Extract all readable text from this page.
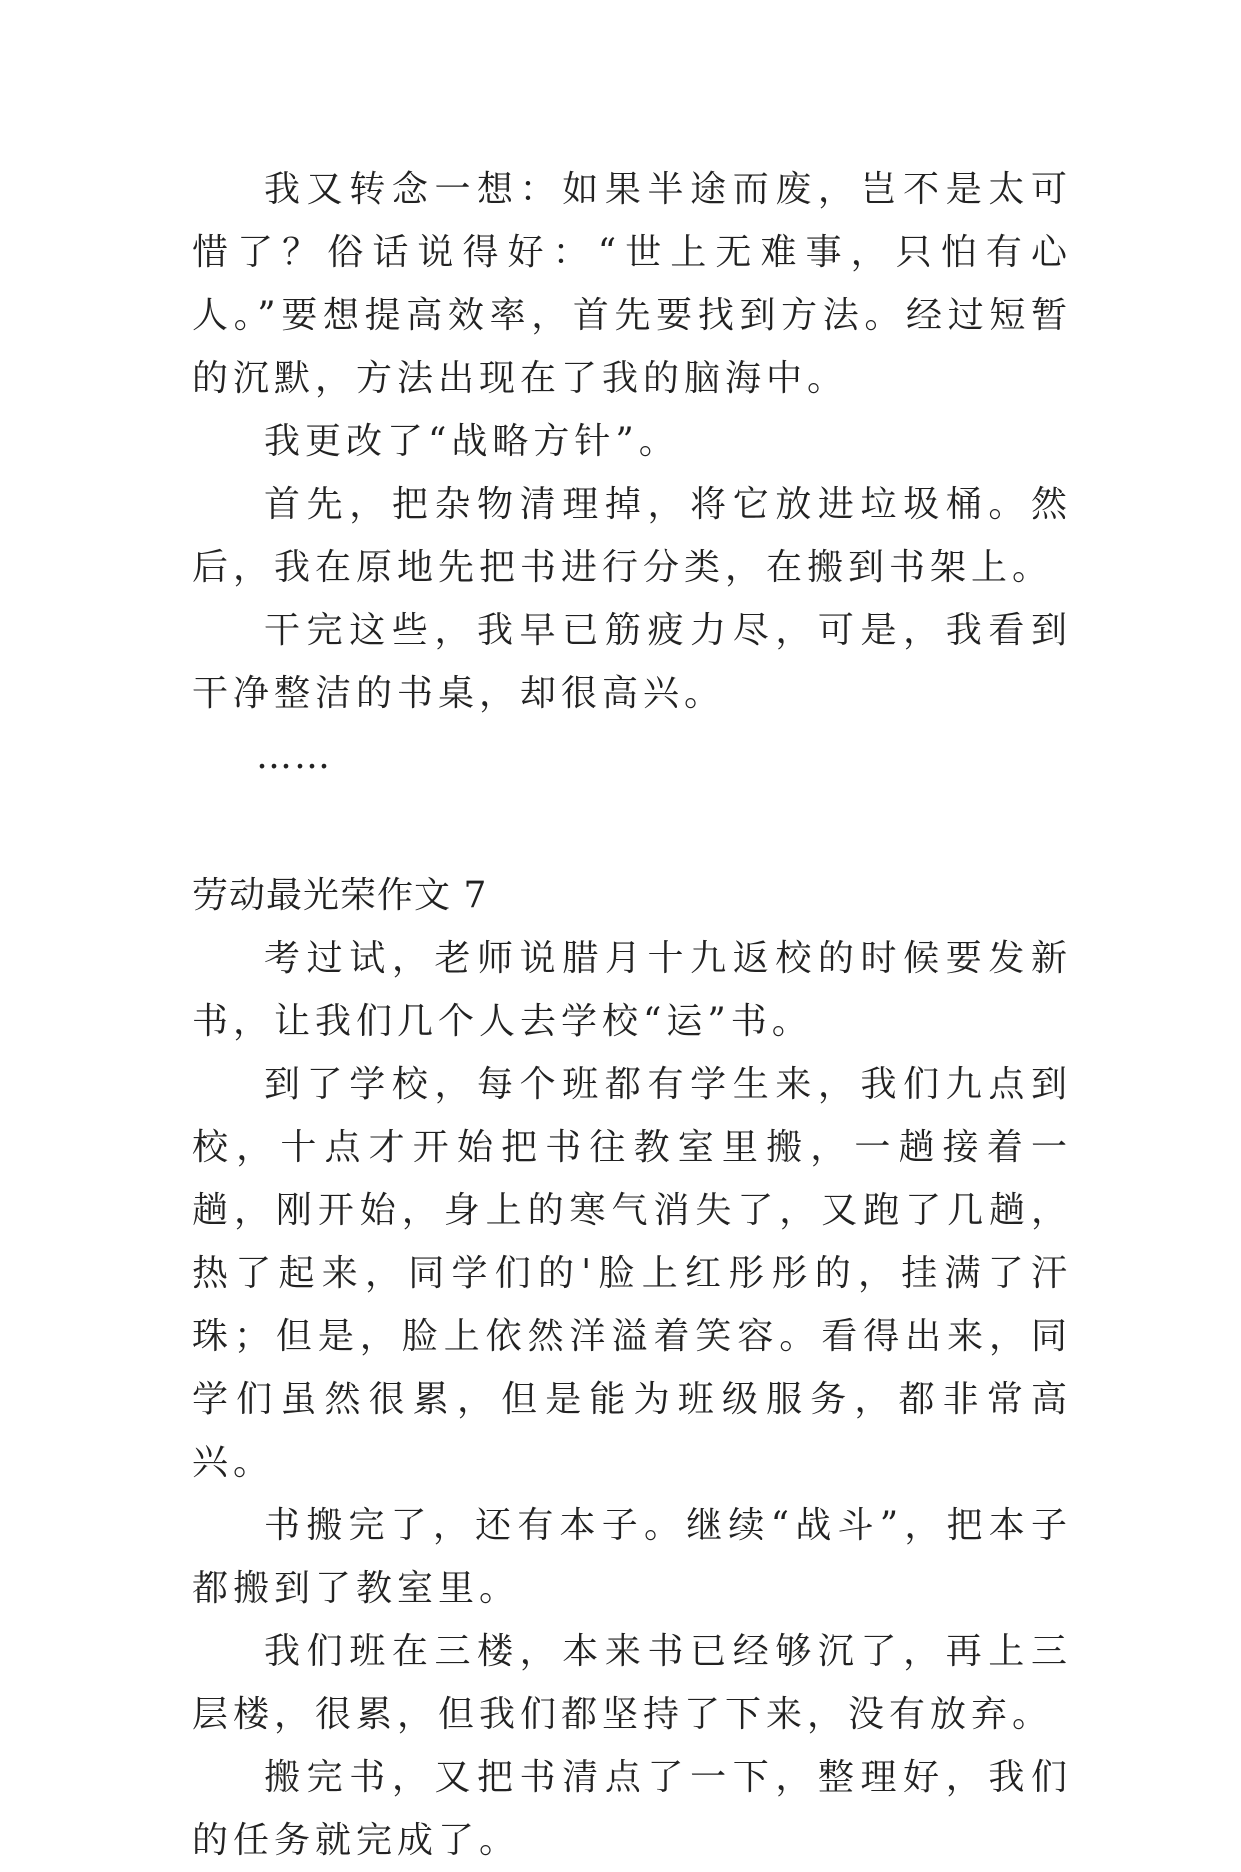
我又转念一想：如果半途而废，岂不是太可惜了？俗话说得好：“世上无难事，只怕有心人。”要想提高效率，首先要找到方法。经过短暂的沉默，方法出现在了我的脑海中。

我更改了“战略方针”。

首先，把杂物清理掉，将它放进垃圾桶。然后，我在原地先把书进行分类，在搬到书架上。

干完这些，我早已筋疲力尽，可是，我看到干净整洁的书桌，却很高兴。

……

劳动最光荣作文 7

考过试，老师说腊月十九返校的时候要发新书，让我们几个人去学校“运”书。

到了学校，每个班都有学生来，我们九点到校，十点才开始把书往教室里搬，一趟接着一趟，刚开始，身上的寒气消失了，又跑了几趟，热了起来，同学们的'脸上红彤彤的，挂满了汗珠；但是，脸上依然洋溢着笑容。看得出来，同学们虽然很累，但是能为班级服务，都非常高兴。

书搬完了，还有本子。继续“战斗”，把本子都搬到了教室里。

我们班在三楼，本来书已经够沉了，再上三层楼，很累，但我们都坚持了下来，没有放弃。

搬完书，又把书清点了一下，整理好，我们的任务就完成了。
